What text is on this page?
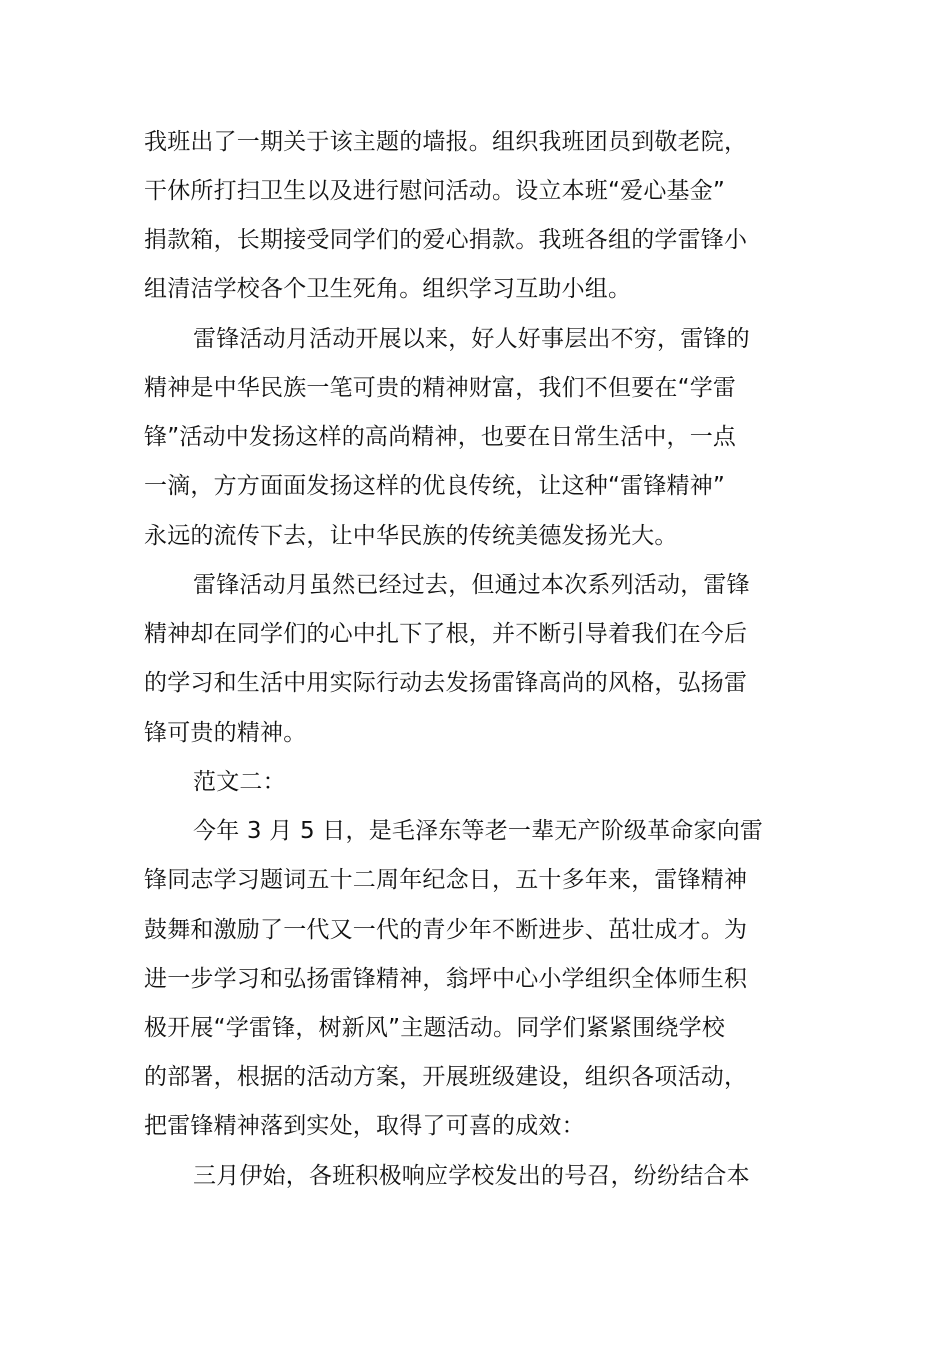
我班出了一期关于该主题的墙报。组织我班团员到敬老院，
干休所打扫卫生以及进行慰问活动。设立本班“爱心基金”
捐款箱，长期接受同学们的爱心捐款。我班各组的学雷锋小
组清洁学校各个卫生死角。组织学习互助小组。
雷锋活动月活动开展以来，好人好事层出不穷，雷锋的
精神是中华民族一笔可贵的精神财富，我们不但要在“学雷
锋”活动中发扬这样的高尚精神，也要在日常生活中，一点
一滴，方方面面发扬这样的优良传统，让这种“雷锋精神”
永远的流传下去，让中华民族的传统美德发扬光大。
雷锋活动月虽然已经过去，但通过本次系列活动，雷锋
精神却在同学们的心中扎下了根，并不断引导着我们在今后
的学习和生活中用实际行动去发扬雷锋高尚的风格，弘扬雷
锋可贵的精神。
范文二：
今年 3 月 5 日，是毛泽东等老一辈无产阶级革命家向雷
锋同志学习题词五十二周年纪念日，五十多年来，雷锋精神
鼓舞和激励了一代又一代的青少年不断进步、茁壮成才。为
进一步学习和弘扬雷锋精神，翁坪中心小学组织全体师生积
极开展“学雷锋，树新风”主题活动。同学们紧紧围绕学校
的部署，根据的活动方案，开展班级建设，组织各项活动，
把雷锋精神落到实处，取得了可喜的成效：
三月伊始，各班积极响应学校发出的号召，纷纷结合本
